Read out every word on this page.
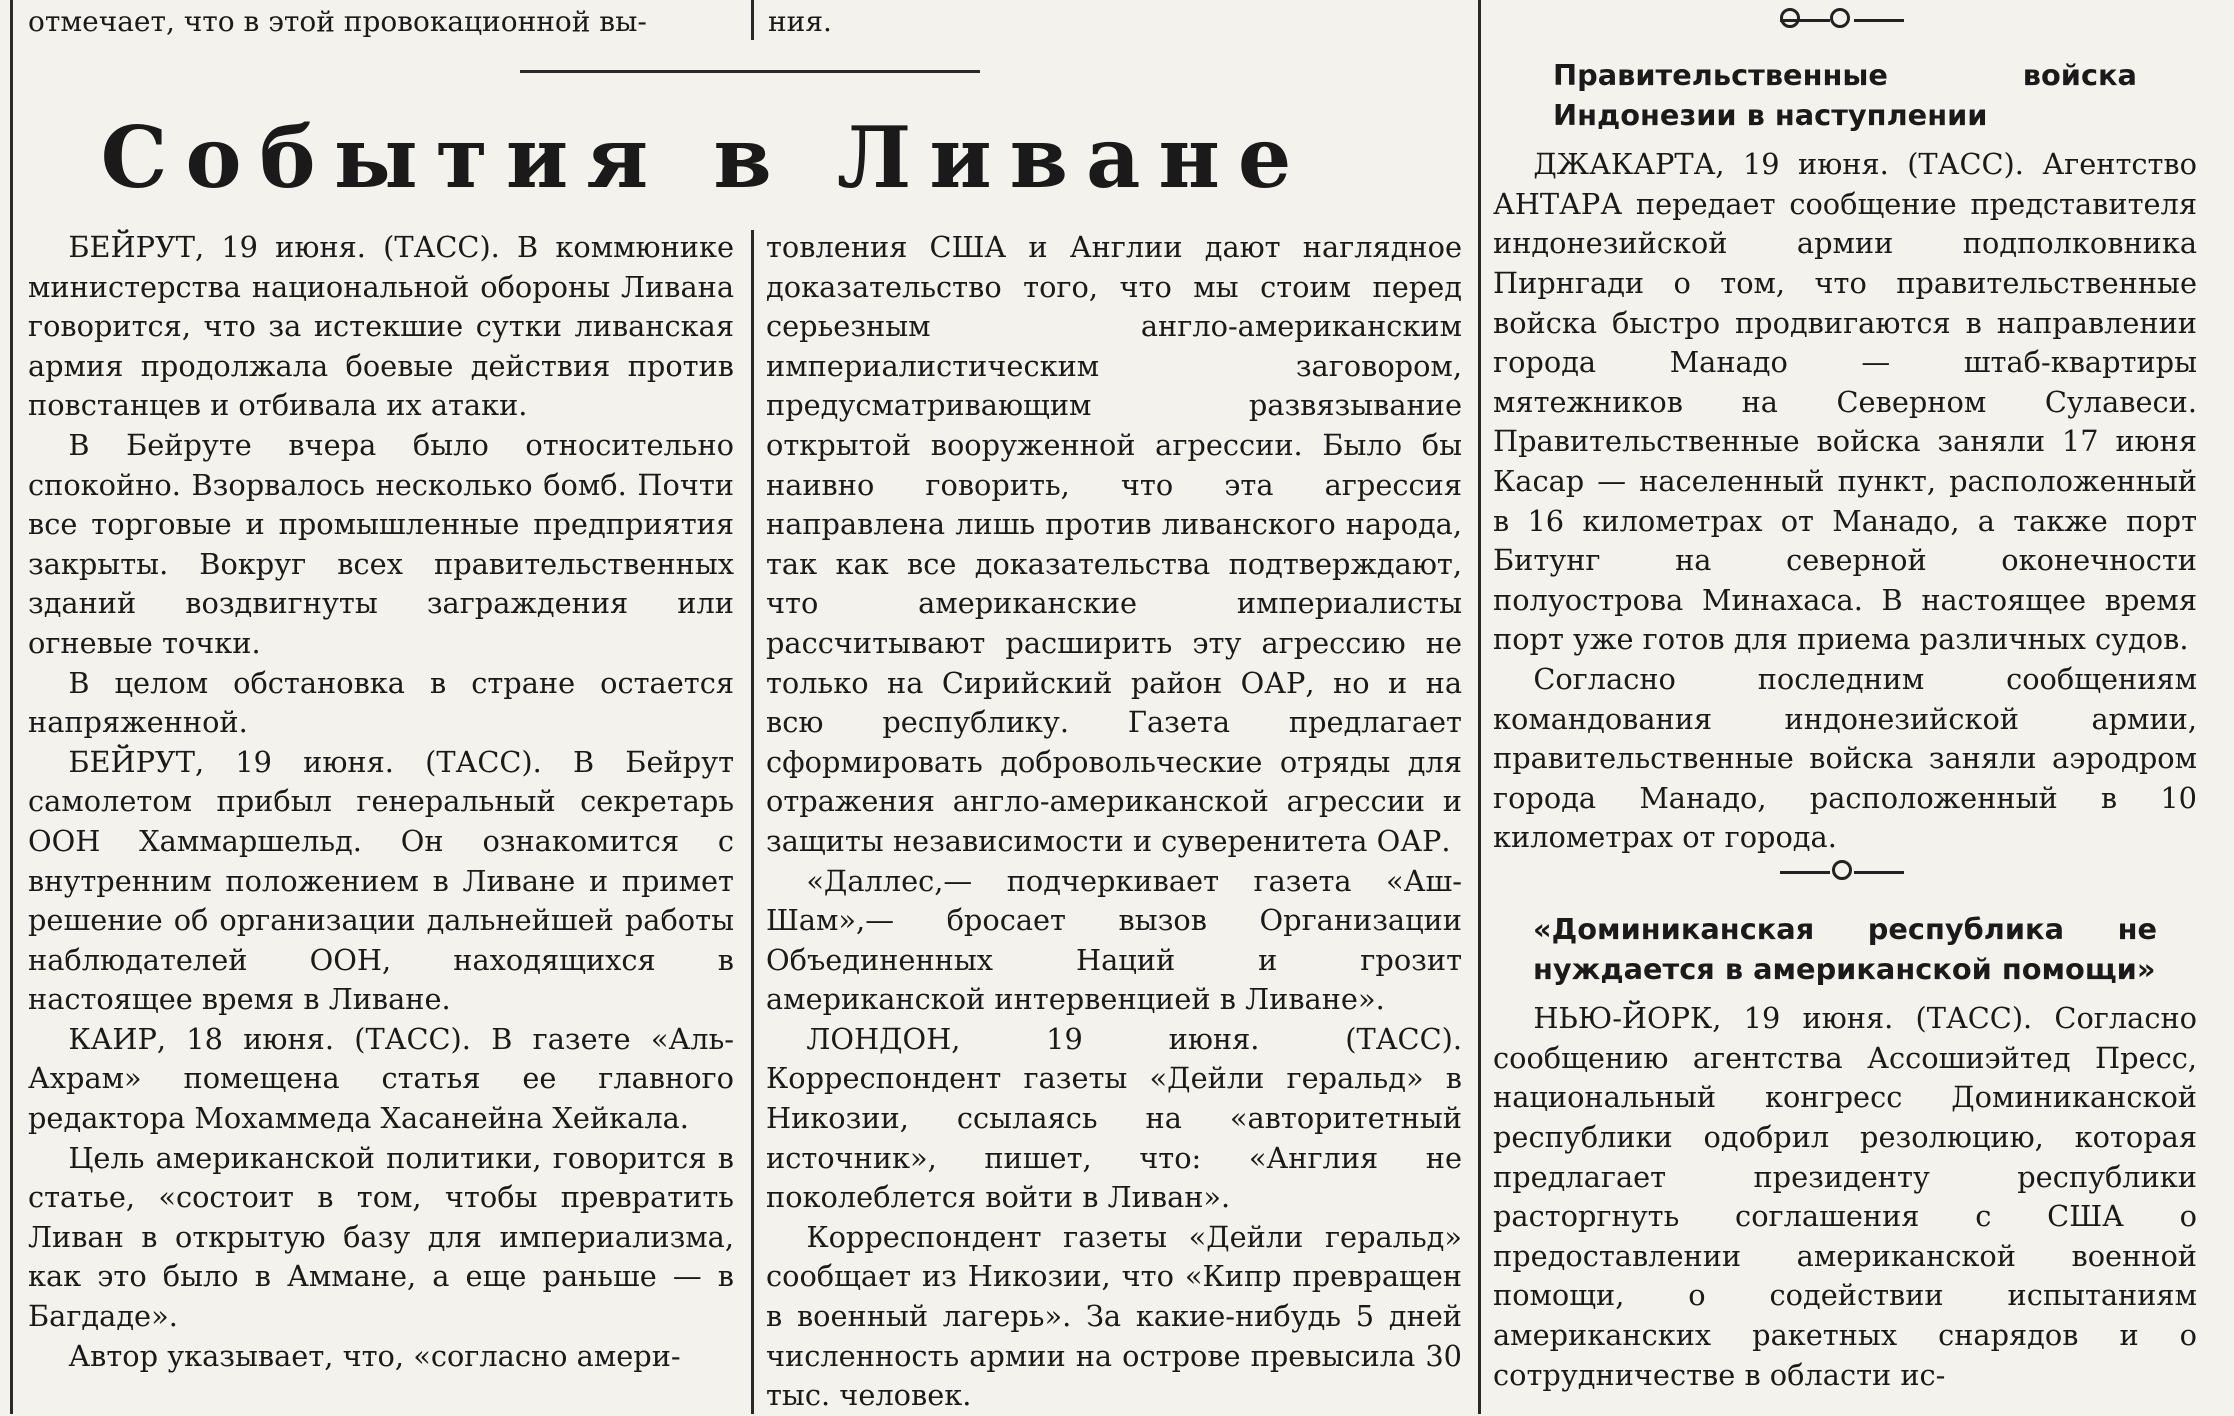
отмечает, что в этой провокационной вы-	ния.
События в Ливане

БЕЙРУТ, 19 июня. (ТАСС). В коммюнике министерства национальной обороны Ливана говорится, что за истекшие сутки ливанская армия продолжала боевые действия против повстанцев и отбивала их атаки.

В Бейруте вчера было относительно спокойно. Взорвалось несколько бомб. Почти все торговые и промышленные предприятия закрыты. Вокруг всех правительственных зданий воздвигнуты заграждения или огневые точки.

В целом обстановка в стране остается напряженной.

БЕЙРУТ, 19 июня. (ТАСС). В Бейрут самолетом прибыл генеральный секретарь ООН Хаммаршельд. Он ознакомится с внутренним положением в Ливане и примет решение об организации дальнейшей работы наблюдателей ООН, находящихся в настоящее время в Ливане.

КАИР, 18 июня. (ТАСС). В газете «Аль-Ахрам» помещена статья ее главного редактора Мохаммеда Хасанейна Хейкала.

Цель американской политики, говорится в статье, «состоит в том, чтобы превратить Ливан в открытую базу для империализма, как это было в Аммане, а еще раньше — в Багдаде».

Автор указывает, что, «согласно амери-

товления США и Англии дают наглядное доказательство того, что мы стоим перед серьезным англо-американским империалистическим заговором, предусматривающим развязывание открытой вооруженной агрессии. Было бы наивно говорить, что эта агрессия направлена лишь против ливанского народа, так как все доказательства подтверждают, что американские империалисты рассчитывают расширить эту агрессию не только на Сирийский район ОАР, но и на всю республику. Газета предлагает сформировать добровольческие отряды для отражения англо-американской агрессии и защиты независимости и суверенитета ОАР.

«Даллес,— подчеркивает газета «Аш-Шам»,— бросает вызов Организации Объединенных Наций и грозит американской интервенцией в Ливане».

ЛОНДОН, 19 июня. (ТАСС). Корреспондент газеты «Дейли геральд» в Никозии, ссылаясь на «авторитетный источник», пишет, что: «Англия не поколеблется войти в Ливан».

Корреспондент газеты «Дейли геральд» сообщает из Никозии, что «Кипр превращен в военный лагерь». За какие-нибудь 5 дней численность армии на острове превысила 30 тыс. человек.

Правительственные войска Индонезии в наступлении

ДЖАКАРТА, 19 июня. (ТАСС). Агентство АНТАРА передает сообщение представителя индонезийской армии подполковника Пирнгади о том, что правительственные войска быстро продвигаются в направлении города Манадо — штаб-квартиры мятежников на Северном Сулавеси. Правительственные войска заняли 17 июня Касар — населенный пункт, расположенный в 16 километрах от Манадо, а также порт Битунг на северной оконечности полуострова Минахаса. В настоящее время порт уже готов для приема различных судов.

Согласно последним сообщениям командования индонезийской армии, правительственные войска заняли аэродром города Манадо, расположенный в 10 километрах от города.

«Доминиканская республика не нуждается в американской помощи»

НЬЮ-ЙОРК, 19 июня. (ТАСС). Согласно сообщению агентства Ассошиэйтед Пресс, национальный конгресс Доминиканской республики одобрил резолюцию, которая предлагает президенту республики расторгнуть соглашения с США о предоставлении американской военной помощи, о содействии испытаниям американских ракетных снарядов и о сотрудничестве в области ис-
